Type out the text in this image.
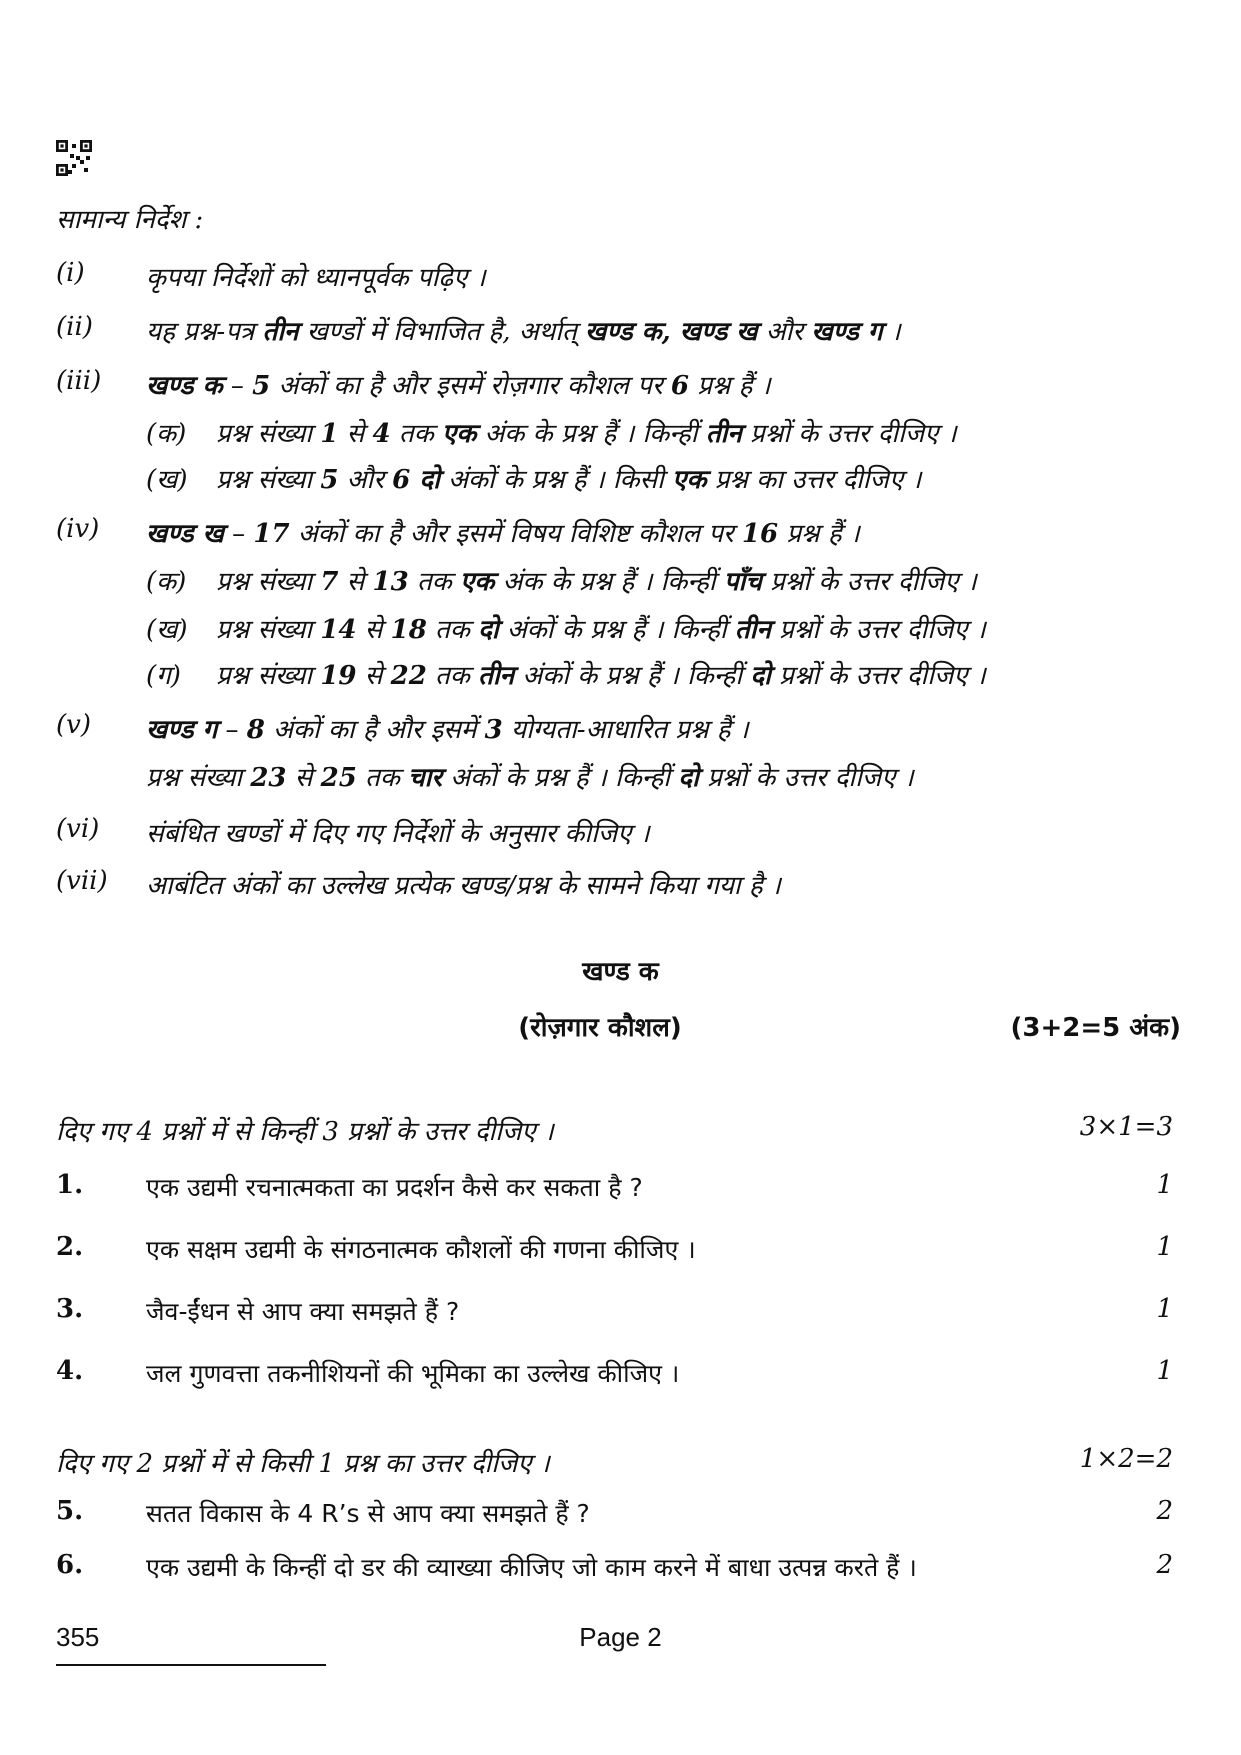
सामान्य निर्देश :
(i) कृपया निर्देशों को ध्यानपूर्वक पढ़िए ।
(ii) यह प्रश्न-पत्र तीन खण्डों में विभाजित है, अर्थात् खण्ड क, खण्ड ख और खण्ड ग ।
(iii) खण्ड क – 5 अंकों का है और इसमें रोज़गार कौशल पर 6 प्रश्न हैं ।
(क) प्रश्न संख्या 1 से 4 तक एक अंक के प्रश्न हैं । किन्हीं तीन प्रश्नों के उत्तर दीजिए ।
(ख) प्रश्न संख्या 5 और 6 दो अंकों के प्रश्न हैं । किसी एक प्रश्न का उत्तर दीजिए ।
(iv) खण्ड ख – 17 अंकों का है और इसमें विषय विशिष्ट कौशल पर 16 प्रश्न हैं ।
(क) प्रश्न संख्या 7 से 13 तक एक अंक के प्रश्न हैं । किन्हीं पाँच प्रश्नों के उत्तर दीजिए ।
(ख) प्रश्न संख्या 14 से 18 तक दो अंकों के प्रश्न हैं । किन्हीं तीन प्रश्नों के उत्तर दीजिए ।
(ग) प्रश्न संख्या 19 से 22 तक तीन अंकों के प्रश्न हैं । किन्हीं दो प्रश्नों के उत्तर दीजिए ।
(v) खण्ड ग – 8 अंकों का है और इसमें 3 योग्यता-आधारित प्रश्न हैं ।
प्रश्न संख्या 23 से 25 तक चार अंकों के प्रश्न हैं । किन्हीं दो प्रश्नों के उत्तर दीजिए ।
(vi) संबंधित खण्डों में दिए गए निर्देशों के अनुसार कीजिए ।
(vii) आबंटित अंकों का उल्लेख प्रत्येक खण्ड/प्रश्न के सामने किया गया है ।
खण्ड क
(रोज़गार कौशल)	(3+2=5 अंक)
दिए गए 4 प्रश्नों में से किन्हीं 3 प्रश्नों के उत्तर दीजिए ।	3×1=3
1.	एक उद्यमी रचनात्मकता का प्रदर्शन कैसे कर सकता है ?	1
2.	एक सक्षम उद्यमी के संगठनात्मक कौशलों की गणना कीजिए ।	1
3.	जैव-ईंधन से आप क्या समझते हैं ?	1
4.	जल गुणवत्ता तकनीशियनों की भूमिका का उल्लेख कीजिए ।	1
दिए गए 2 प्रश्नों में से किसी 1 प्रश्न का उत्तर दीजिए ।	1×2=2
5.	सतत विकास के 4 R’s से आप क्या समझते हैं ?	2
6.	एक उद्यमी के किन्हीं दो डर की व्याख्या कीजिए जो काम करने में बाधा उत्पन्न करते हैं ।	2
355	Page 2
